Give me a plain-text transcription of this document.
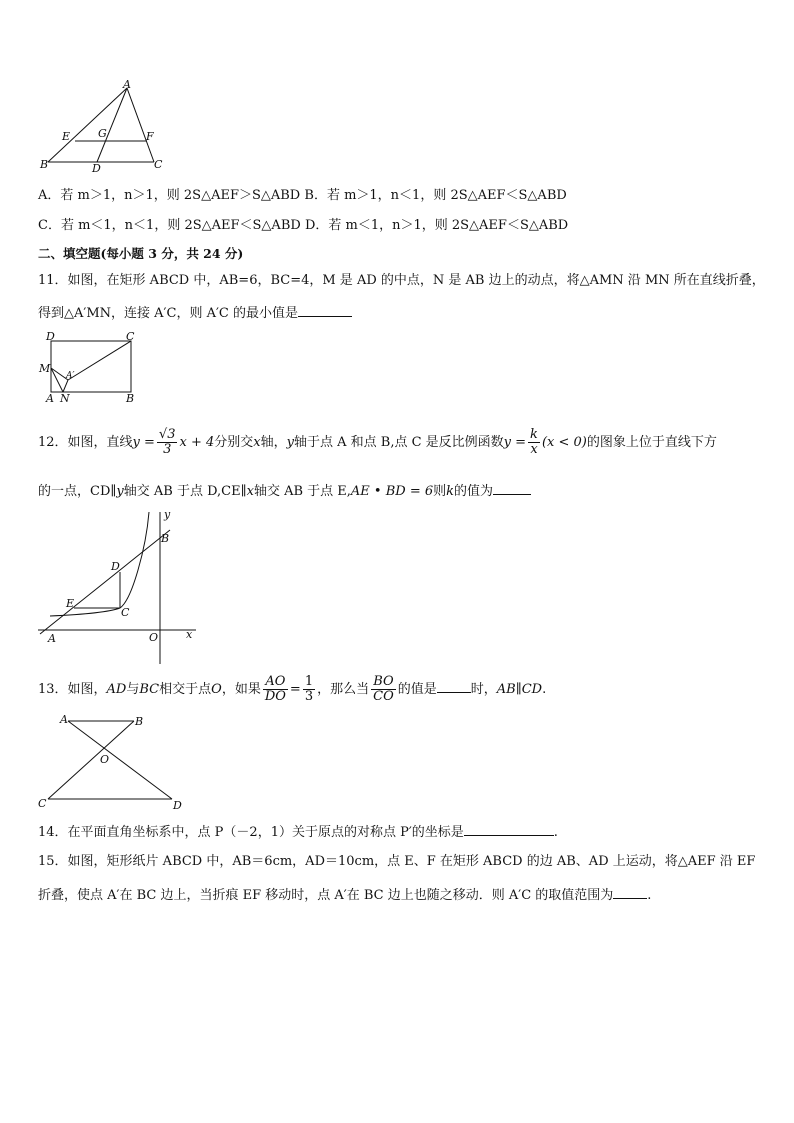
A
E	G	F
B	D	C
A．若 m＞1，n＞1，则 2S△AEF＞S△ABD B．若 m＞1，n＜1，则 2S△AEF＜S△ABD
C．若 m＜1，n＜1，则 2S△AEF＜S△ABD D．若 m＜1，n＞1，则 2S△AEF＜S△ABD
二、填空题(每小题 3 分，共 24 分)
11．如图，在矩形 ABCD 中，AB=6，BC=4，M 是 AD 的中点，N 是 AB 边上的动点，将△AMN 沿 MN 所在直线折叠，
得到△A′MN，连接 A′C，则 A′C 的最小值是
D	C
M
A′
A N	B
12．如图，直线$y = \frac{√3}{3}$ x + 4分别交x轴，y轴于点 A 和点 B,点 C 是反比例函数$y = \frac{k}{x} (x < 0)$的图象上位于直线下方
的一点，CD∥y轴交 AB 于点 D,CE∥x轴交 AB 于点 E,AE • BD = 6则k的值为
y
B
D
E
C
O
A	x
13．如图，AD与BC相交于点O，如果 $\frac{AO}{DO} = \frac{1}{3}$ ，那么当 $\frac{BO}{CO}$ 的值是	时，AB∥CD.
A	B
O
C	D
14．在平面直角坐标系中，点 P（－2，1）关于原点的对称点 P′的坐标是	.
15．如图，矩形纸片 ABCD 中，AB＝6cm，AD＝10cm，点 E、F 在矩形 ABCD 的边 AB、AD 上运动，将△AEF 沿 EF
折叠，使点 A′在 BC 边上，当折痕 EF 移动时，点 A′在 BC 边上也随之移动．则 A′C 的取值范围为	.
